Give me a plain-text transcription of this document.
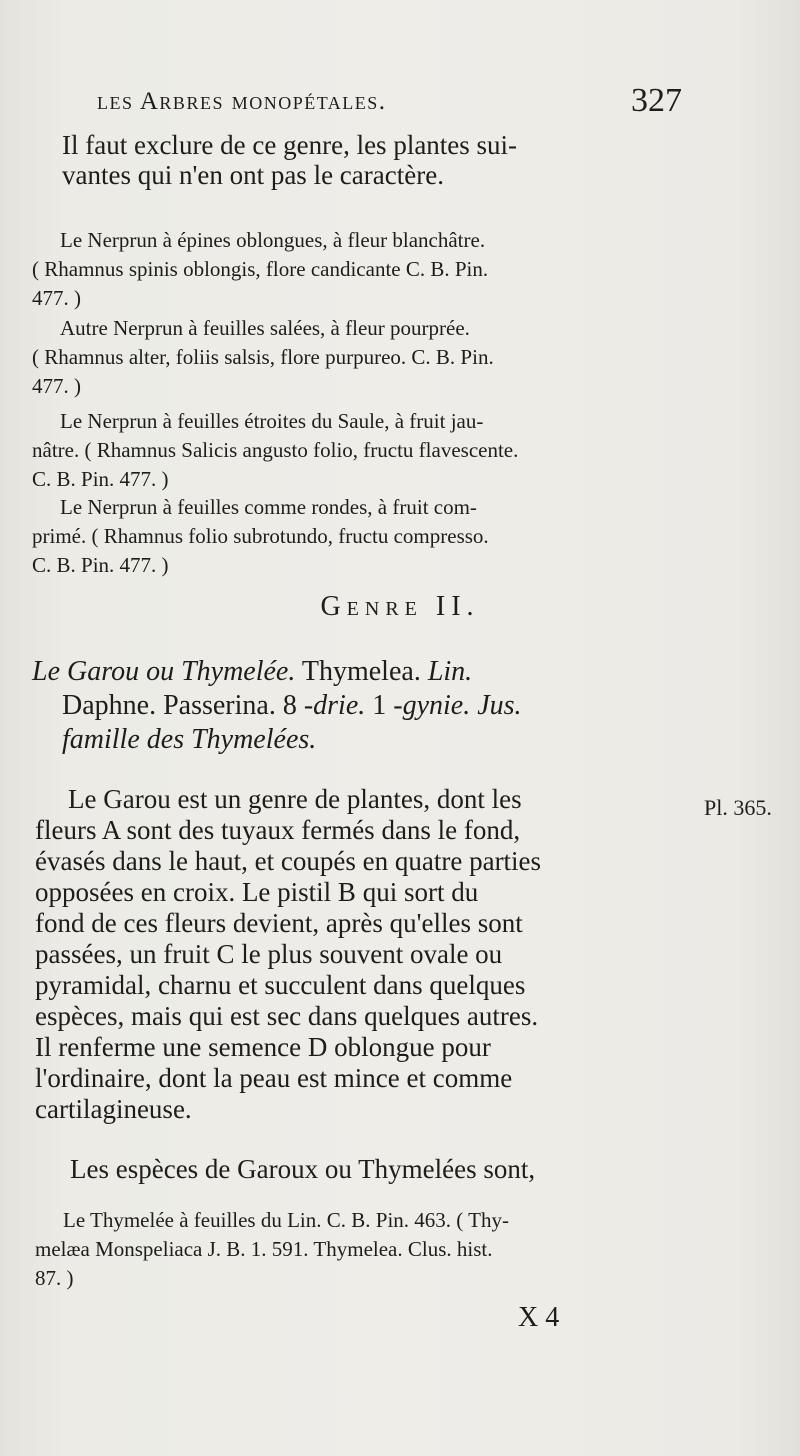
les Arbres monopétales.	327
Il faut exclure de ce genre, les plantes sui-
vantes qui n'en ont pas le caractère.
Le Nerprun à épines oblongues, à fleur blanchâtre.
( Rhamnus spinis oblongis, flore candicante C. B. Pin.
477. )
Autre Nerprun à feuilles salées, à fleur pourprée.
( Rhamnus alter, foliis salsis, flore purpureo. C. B. Pin.
477. )
Le Nerprun à feuilles étroites du Saule, à fruit jau-
nâtre. ( Rhamnus Salicis angusto folio, fructu flavescente.
C. B. Pin. 477. )
Le Nerprun à feuilles comme rondes, à fruit com-
primé. ( Rhamnus folio subrotundo, fructu compresso.
C. B. Pin. 477. )
Genre II.
Le Garou ou Thymelée. Thymelea. Lin.
Daphne. Passerina. 8 -drie. 1 -gynie. Jus.
famille des Thymelées.
Le Garou est un genre de plantes, dont les
fleurs A sont des tuyaux fermés dans le fond,
évasés dans le haut, et coupés en quatre parties
opposées en croix. Le pistil B qui sort du
fond de ces fleurs devient, après qu'elles sont
passées, un fruit C le plus souvent ovale ou
pyramidal, charnu et succulent dans quelques
espèces, mais qui est sec dans quelques autres.
Il renferme une semence D oblongue pour
l'ordinaire, dont la peau est mince et comme
cartilagineuse.
Pl. 365.
Les espèces de Garoux ou Thymelées sont,
Le Thymelée à feuilles du Lin. C. B. Pin. 463. ( Thy-
melæa Monspeliaca J. B. 1. 591. Thymelea. Clus. hist.
87. )
X 4
